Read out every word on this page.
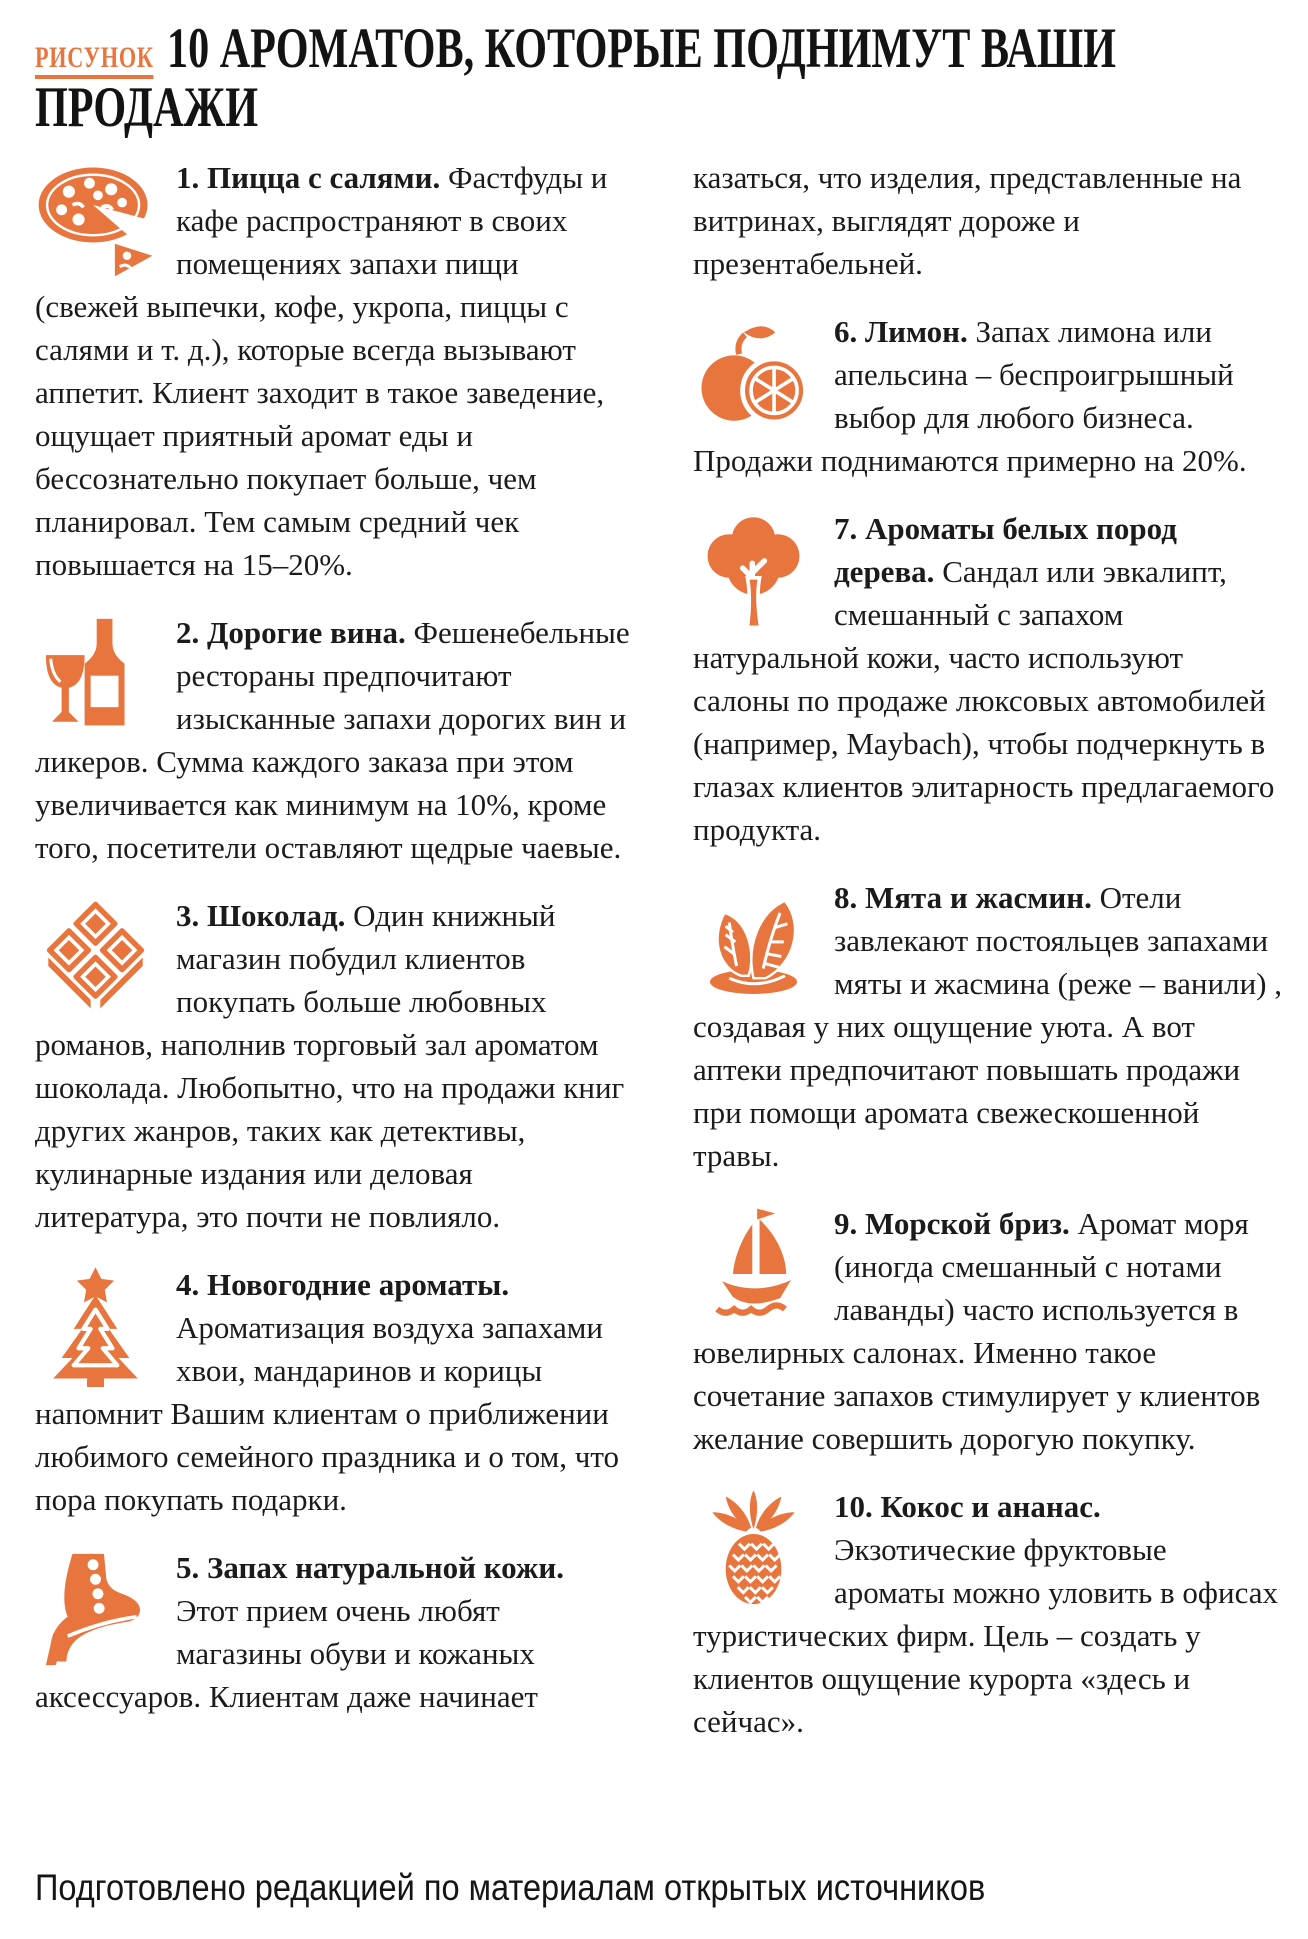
РИСУНОК 10 АРОМАТОВ, КОТОРЫЕ ПОДНИМУТ ВАШИ ПРОДАЖИ

1. Пицца с салями. Фастфуды и кафе распространяют в своих помещениях запахи пищи (свежей выпечки, кофе, укропа, пиццы с салями и т. д.), которые всегда вызывают аппетит. Клиент заходит в такое заведение, ощущает приятный аромат еды и бессознательно покупает больше, чем планировал. Тем самым средний чек повышается на 15–20%.

2. Дорогие вина. Фешенебельные рестораны предпочитают изысканные запахи дорогих вин и ликеров. Сумма каждого заказа при этом увеличивается как минимум на 10%, кроме того, посетители оставляют щедрые чаевые.

3. Шоколад. Один книжный магазин побудил клиентов покупать больше любовных романов, наполнив торговый зал ароматом шоколада. Любопытно, что на продажи книг других жанров, таких как детективы, кулинарные издания или деловая литература, это почти не повлияло.

4. Новогодние ароматы. Ароматизация воздуха запахами хвои, мандаринов и корицы напомнит Вашим клиентам о приближении любимого семейного праздника и о том, что пора покупать подарки.

5. Запах натуральной кожи. Этот прием очень любят магазины обуви и кожаных аксессуаров. Клиентам даже начинает

казаться, что изделия, представленные на витринах, выглядят дороже и презентабельней.

6. Лимон. Запах лимона или апельсина – беспроигрышный выбор для любого бизнеса. Продажи поднимаются примерно на 20%.

7. Ароматы белых пород дерева. Сандал или эвкалипт, смешанный с запахом натуральной кожи, часто используют салоны по продаже люксовых автомобилей (например, Maybach), чтобы подчеркнуть в глазах клиентов элитарность предлагаемого продукта.

8. Мята и жасмин. Отели завлекают постояльцев запахами мяты и жасмина (реже – ванили) , создавая у них ощущение уюта. А вот аптеки предпочитают повышать продажи при помощи аромата свежескошенной травы.

9. Морской бриз. Аромат моря (иногда смешанный с нотами лаванды) часто используется в ювелирных салонах. Именно такое сочетание запахов стимулирует у клиентов желание совершить дорогую покупку.

10. Кокос и ананас. Экзотические фруктовые ароматы можно уловить в офисах туристических фирм. Цель – создать у клиентов ощущение курорта «здесь и сейчас».

Подготовлено редакцией по материалам открытых источников
